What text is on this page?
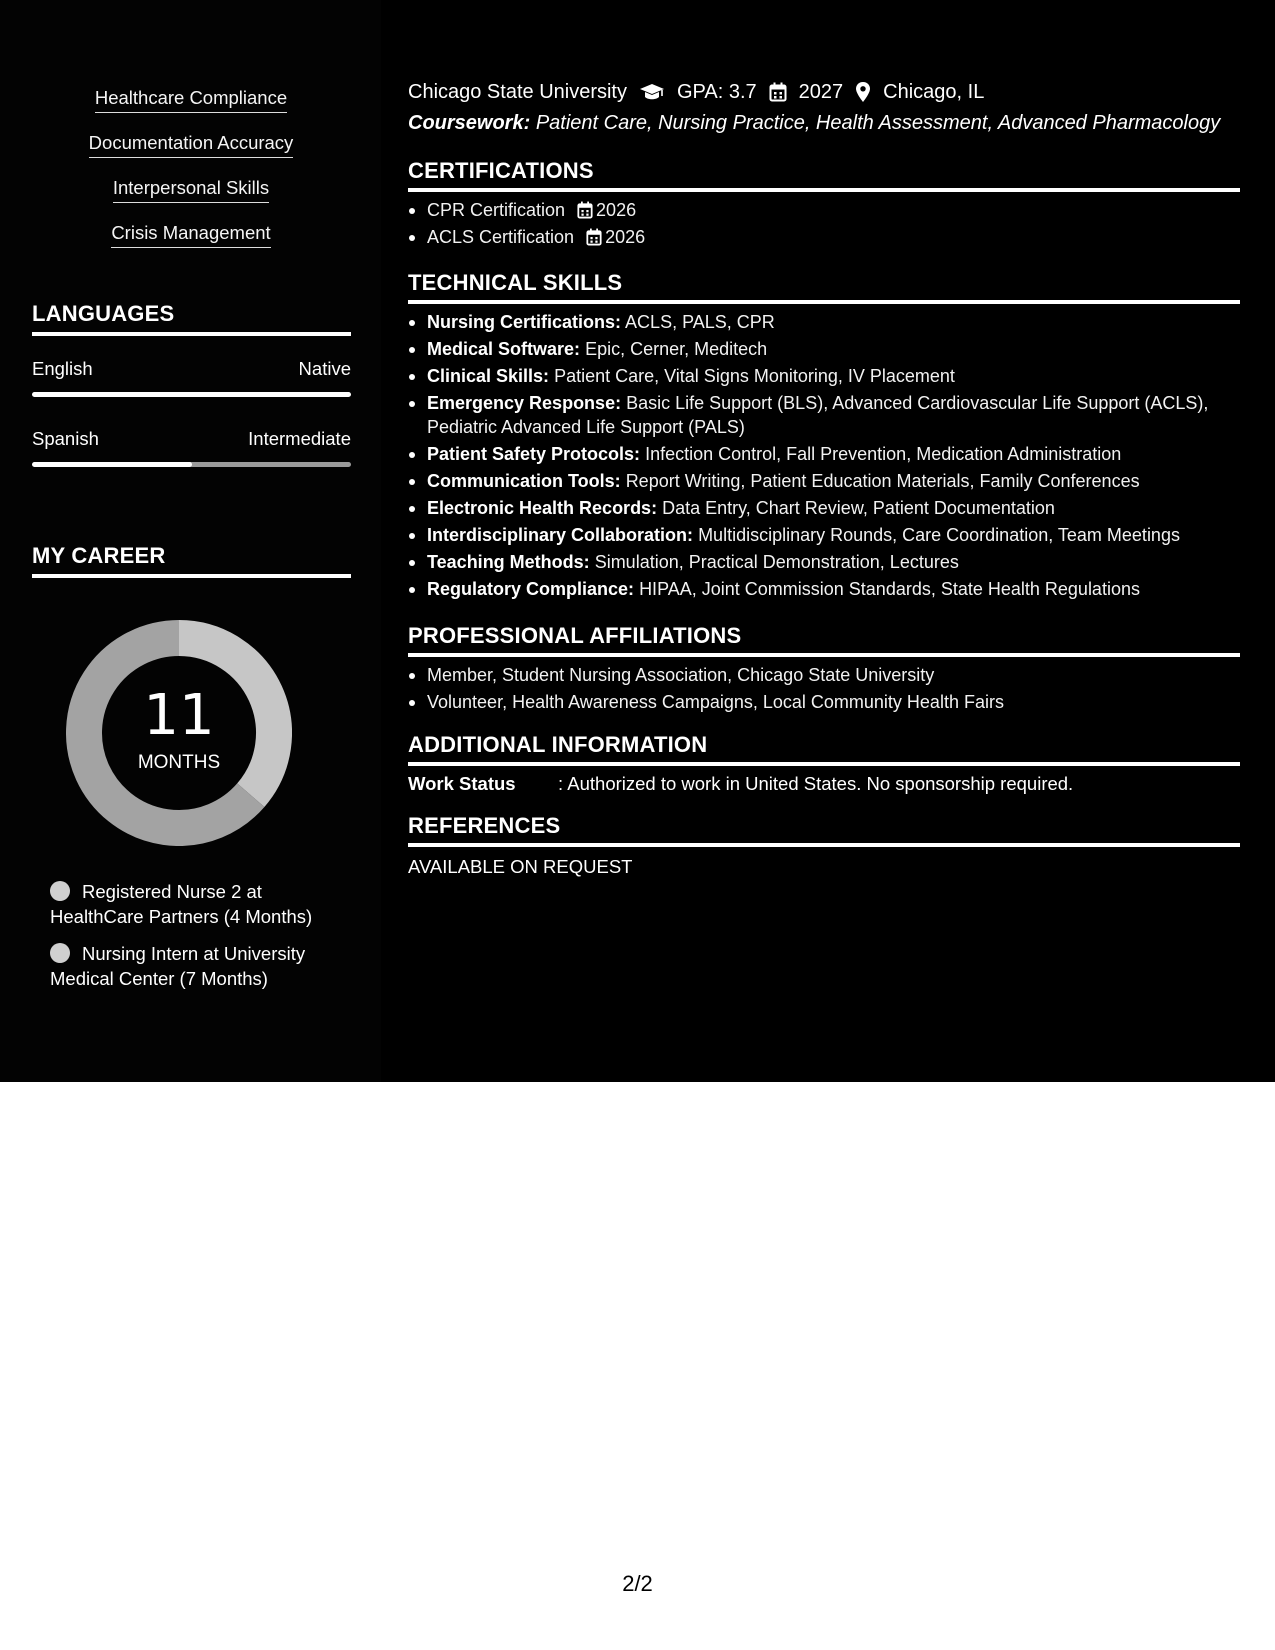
Healthcare Compliance
Documentation Accuracy
Interpersonal Skills
Crisis Management
LANGUAGES
English	Native
Spanish	Intermediate
MY CAREER
11
MONTHS
Registered Nurse 2 at HealthCare Partners (4 Months)
Nursing Intern at University Medical Center (7 Months)
Chicago State University	GPA: 3.7 2027 Chicago, IL
Coursework: Patient Care, Nursing Practice, Health Assessment, Advanced Pharmacology
CERTIFICATIONS
CPR Certification 2026
ACLS Certification 2026
TECHNICAL SKILLS
Nursing Certifications: ACLS, PALS, CPR
Medical Software: Epic, Cerner, Meditech
Clinical Skills: Patient Care, Vital Signs Monitoring, IV Placement
Emergency Response: Basic Life Support (BLS), Advanced Cardiovascular Life Support (ACLS), Pediatric Advanced Life Support (PALS)
Patient Safety Protocols: Infection Control, Fall Prevention, Medication Administration
Communication Tools: Report Writing, Patient Education Materials, Family Conferences
Electronic Health Records: Data Entry, Chart Review, Patient Documentation
Interdisciplinary Collaboration: Multidisciplinary Rounds, Care Coordination, Team Meetings
Teaching Methods: Simulation, Practical Demonstration, Lectures
Regulatory Compliance: HIPAA, Joint Commission Standards, State Health Regulations
PROFESSIONAL AFFILIATIONS
Member, Student Nursing Association, Chicago State University
Volunteer, Health Awareness Campaigns, Local Community Health Fairs
ADDITIONAL INFORMATION
Work Status	: Authorized to work in United States. No sponsorship required.
REFERENCES
AVAILABLE ON REQUEST
2/2
